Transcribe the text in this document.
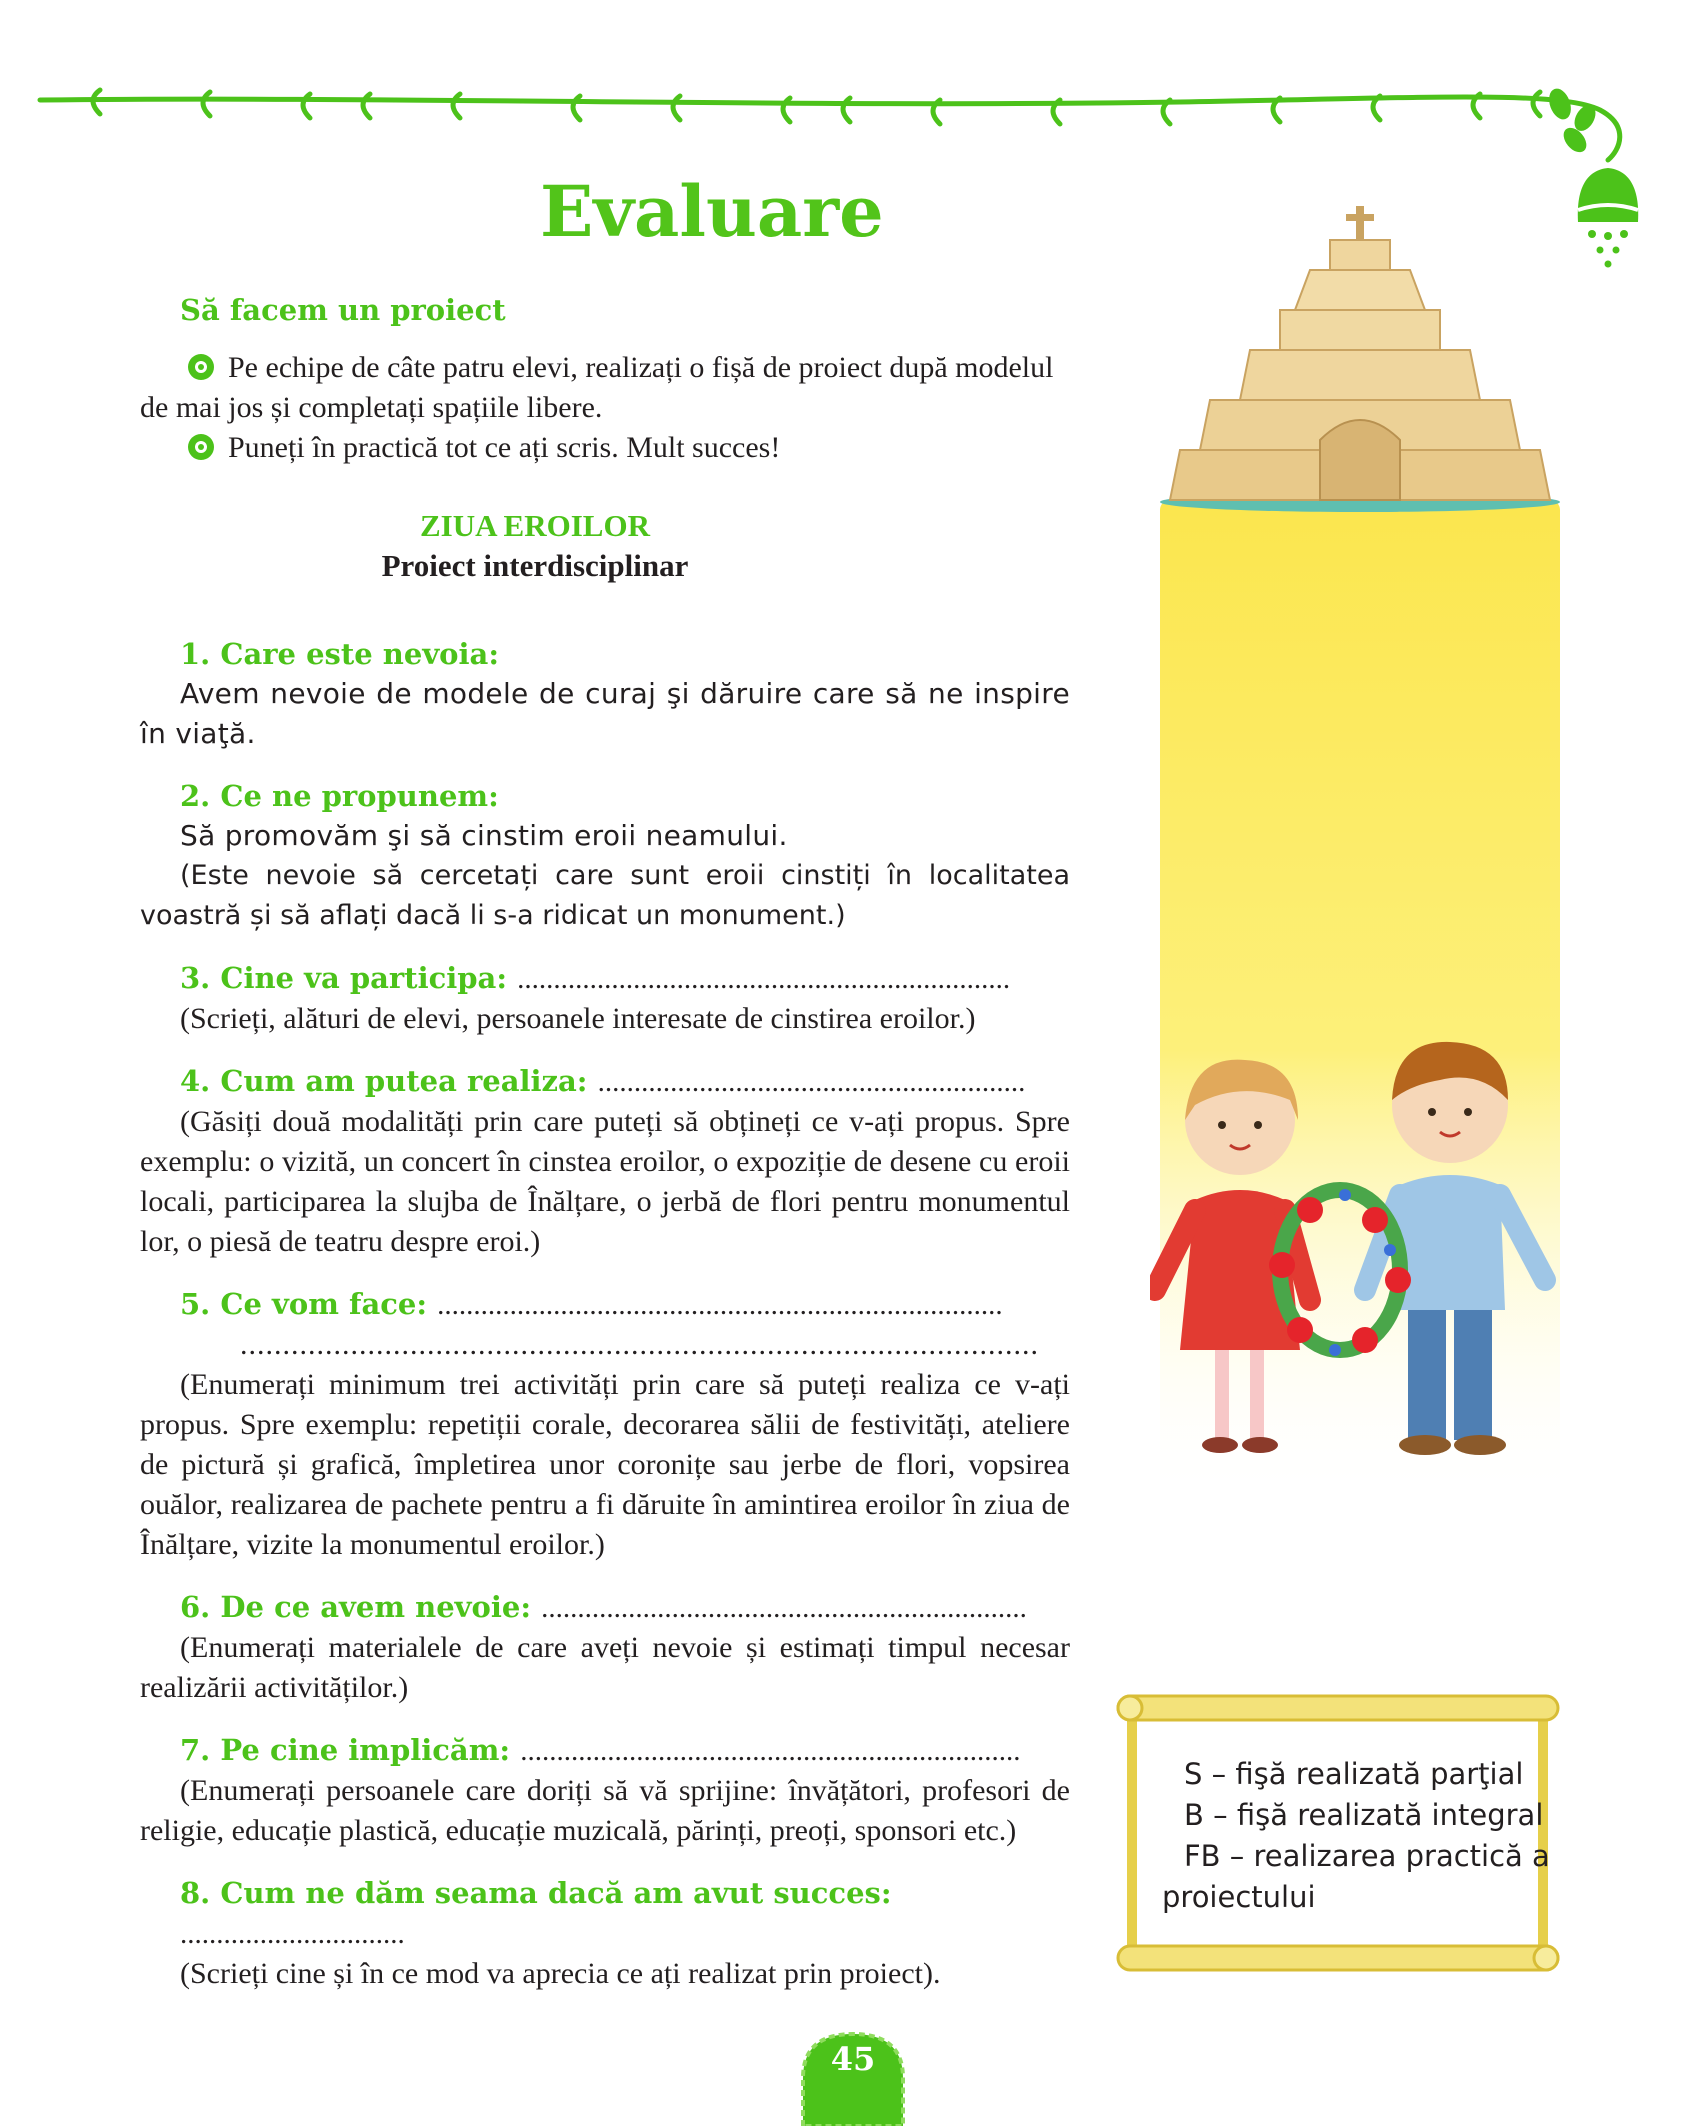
Evaluare
Să facem un proiect

Pe echipe de câte patru elevi, realizați o fișă de proiect după modelul de mai jos și completați spațiile libere.

Puneți în practică tot ce ați scris. Mult succes!

ZIUA EROILOR
Proiect interdisciplinar
1. Care este nevoia:

Avem nevoie de modele de curaj şi dăruire care să ne inspire în viaţă.

2. Ce ne propunem:

Să promovăm şi să cinstim eroii neamului.

(Este nevoie să cercetați care sunt eroii cinstiți în localitatea voastră și să aflați dacă li s-a ridicat un monument.)

3. Cine va participa: ....................................................................

(Scrieți, alături de elevi, persoanele interesate de cinstirea eroilor.)

4. Cum am putea realiza: ...........................................................

(Găsiți două modalități prin care puteți să obțineți ce v-ați propus. Spre exemplu: o vizită, un concert în cinstea eroilor, o expoziție de desene cu eroii locali, participarea la slujba de Înălțare, o jerbă de flori pentru monumentul lor, o piesă de teatru despre eroi.)

5. Ce vom face: ..............................................................................
..............................................................................................

(Enumerați minimum trei activități prin care să puteți realiza ce v-ați propus. Spre exemplu: repetiții corale, decorarea sălii de festivități, ateliere de pictură și grafică, împletirea unor coronițe sau jerbe de flori, vopsirea ouălor, realizarea de pachete pentru a fi dăruite în amintirea eroilor în ziua de Înălțare, vizite la monumentul eroilor.)

6. De ce avem nevoie: ...................................................................

(Enumerați materialele de care aveți nevoie și estimați timpul necesar realizării activităților.)

7. Pe cine implicăm: .....................................................................

(Enumerați persoanele care doriți să vă sprijine: învățători, profesori de religie, educație plastică, educație muzicală, părinți, preoți, sponsori etc.)

8. Cum ne dăm seama dacă am avut succes: ...............................

(Scrieți cine și în ce mod va aprecia ce ați realizat prin proiect).

S – fişă realizată parţial
B – fişă realizată integral
FB – realizarea practică a
proiectului
45
